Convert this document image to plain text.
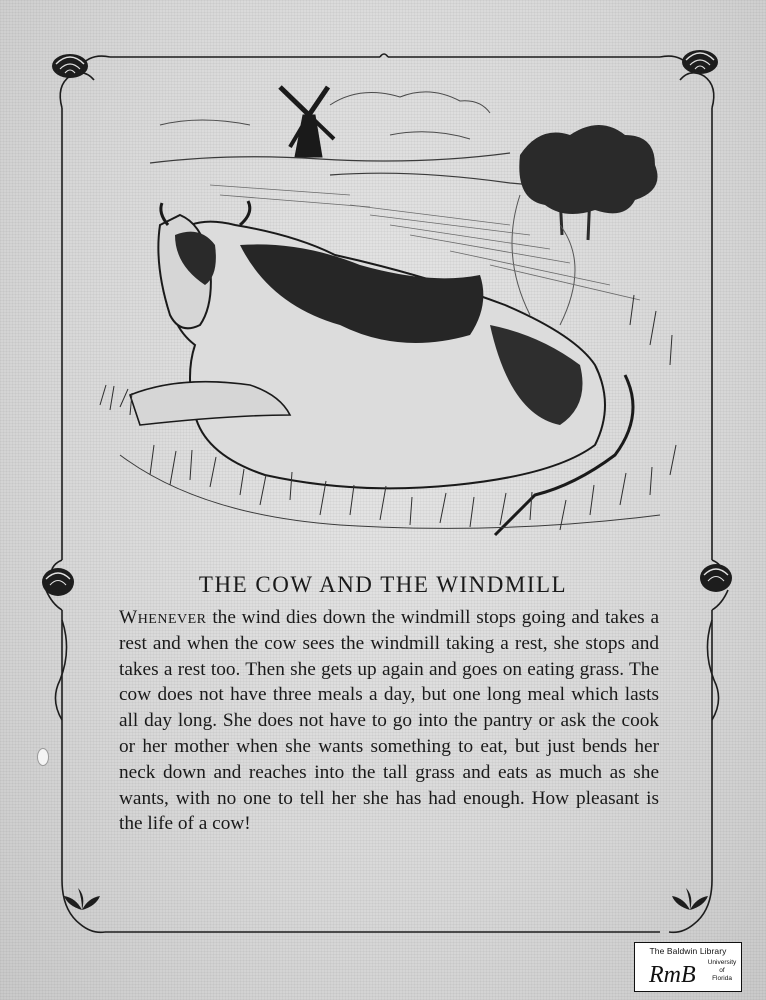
THE COW AND THE WINDMILL

Whenever the wind dies down the windmill stops going and takes a rest and when the cow sees the windmill taking a rest, she stops and takes a rest too. Then she gets up again and goes on eating grass. The cow does not have three meals a day, but one long meal which lasts all day long. She does not have to go into the pantry or ask the cook or her mother when she wants something to eat, but just bends her neck down and reaches into the tall grass and eats as much as she wants, with no one to tell her she has had enough. How pleasant is the life of a cow!

The Baldwin Library
RmB	University
of
Florida
